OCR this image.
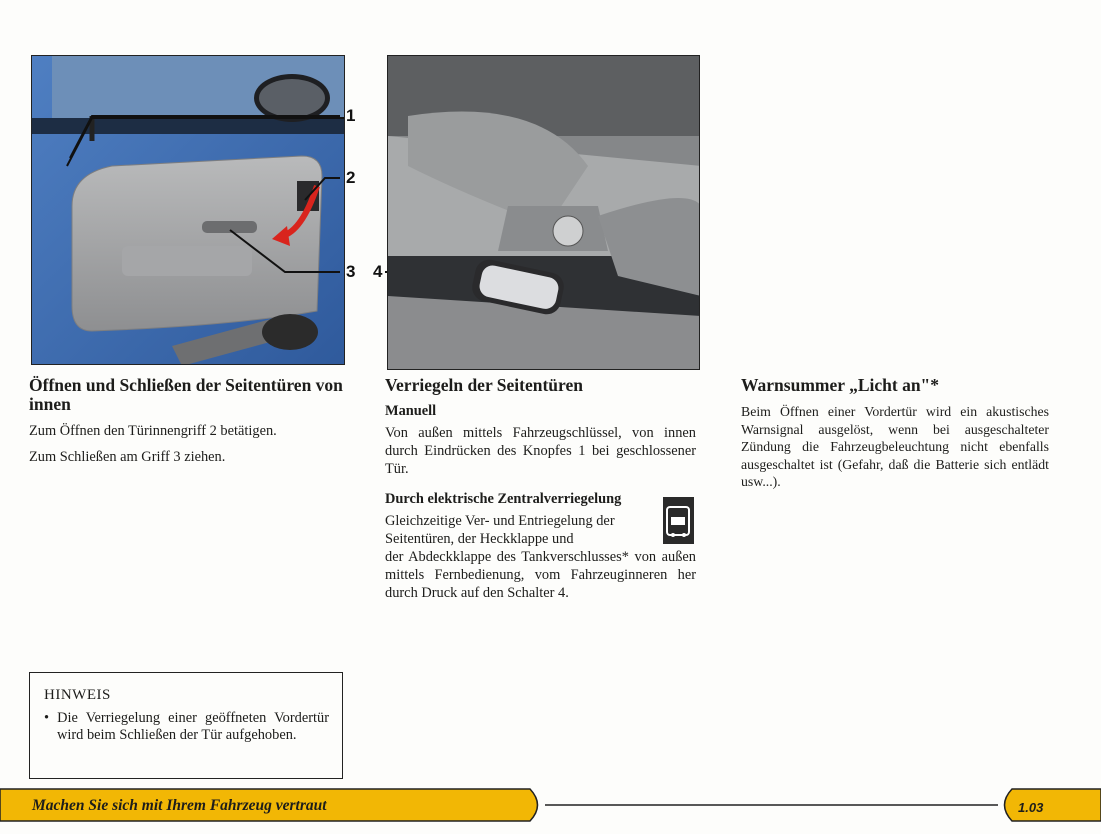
1
2
3 4

Öffnen und Schließen der Seitentüren von innen

Zum Öffnen den Türinnengriff 2 betätigen.

Zum Schließen am Griff 3 ziehen.

Verriegeln der Seitentüren

Manuell

Von außen mittels Fahrzeugschlüssel, von innen durch Eindrücken des Knopfes 1 bei geschlossener Tür.

Durch elektrische Zentralverriegelung

Gleichzeitige Ver- und Entriegelung der Seitentüren, der Heckklappe und

der Abdeckklappe des Tankverschlusses* von außen mittels Fernbedienung, vom Fahrzeuginneren her durch Druck auf den Schalter 4.

Warnsummer „Licht an"*

Beim Öffnen einer Vordertür wird ein akustisches Warnsignal ausgelöst, wenn bei ausgeschalteter Zündung die Fahrzeugbeleuchtung nicht ebenfalls ausgeschaltet ist (Gefahr, daß die Batterie sich entlädt usw...).

HINWEIS

• Die Verriegelung einer geöffneten Vordertür wird beim Schließen der Tür aufgehoben.

Machen Sie sich mit Ihrem Fahrzeug vertraut	1.03
